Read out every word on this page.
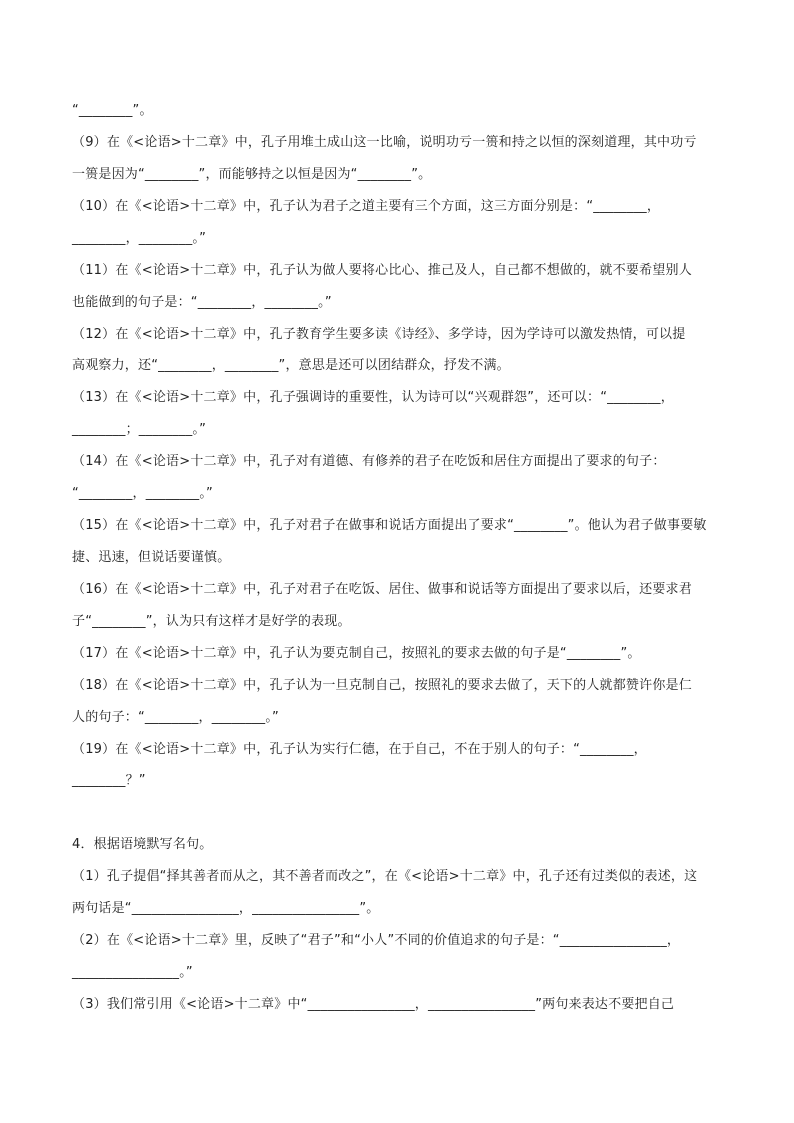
“________”。
（9）在《<论语>十二章》中，孔子用堆土成山这一比喻，说明功亏一篑和持之以恒的深刻道理，其中功亏
一篑是因为“________”，而能够持之以恒是因为“________”。
（10）在《<论语>十二章》中，孔子认为君子之道主要有三个方面，这三方面分别是：“________，
________，________。”
（11）在《<论语>十二章》中，孔子认为做人要将心比心、推己及人，自己都不想做的，就不要希望别人
也能做到的句子是：“________，________。”
（12）在《<论语>十二章》中，孔子教育学生要多读《诗经》、多学诗，因为学诗可以激发热情，可以提
高观察力，还“________，________”，意思是还可以团结群众，抒发不满。
（13）在《<论语>十二章》中，孔子强调诗的重要性，认为诗可以“兴观群怨”，还可以：“________，
________；________。”
（14）在《<论语>十二章》中，孔子对有道德、有修养的君子在吃饭和居住方面提出了要求的句子：
“________，________。”
（15）在《<论语>十二章》中，孔子对君子在做事和说话方面提出了要求“________”。他认为君子做事要敏
捷、迅速，但说话要谨慎。
（16）在《<论语>十二章》中，孔子对君子在吃饭、居住、做事和说话等方面提出了要求以后，还要求君
子“________”，认为只有这样才是好学的表现。
（17）在《<论语>十二章》中，孔子认为要克制自己，按照礼的要求去做的句子是“________”。
（18）在《<论语>十二章》中，孔子认为一旦克制自己，按照礼的要求去做了，天下的人就都赞许你是仁
人的句子：“________，________。”
（19）在《<论语>十二章》中，孔子认为实行仁德，在于自己，不在于别人的句子：“________，
________？”
4．根据语境默写名句。
（1）孔子提倡“择其善者而从之，其不善者而改之”，在《<论语>十二章》中，孔子还有过类似的表述，这
两句话是“________________，________________”。
（2）在《<论语>十二章》里，反映了“君子”和“小人”不同的价值追求的句子是：“________________，
________________。”
（3）我们常引用《<论语>十二章》中“________________，________________”两句来表达不要把自己
